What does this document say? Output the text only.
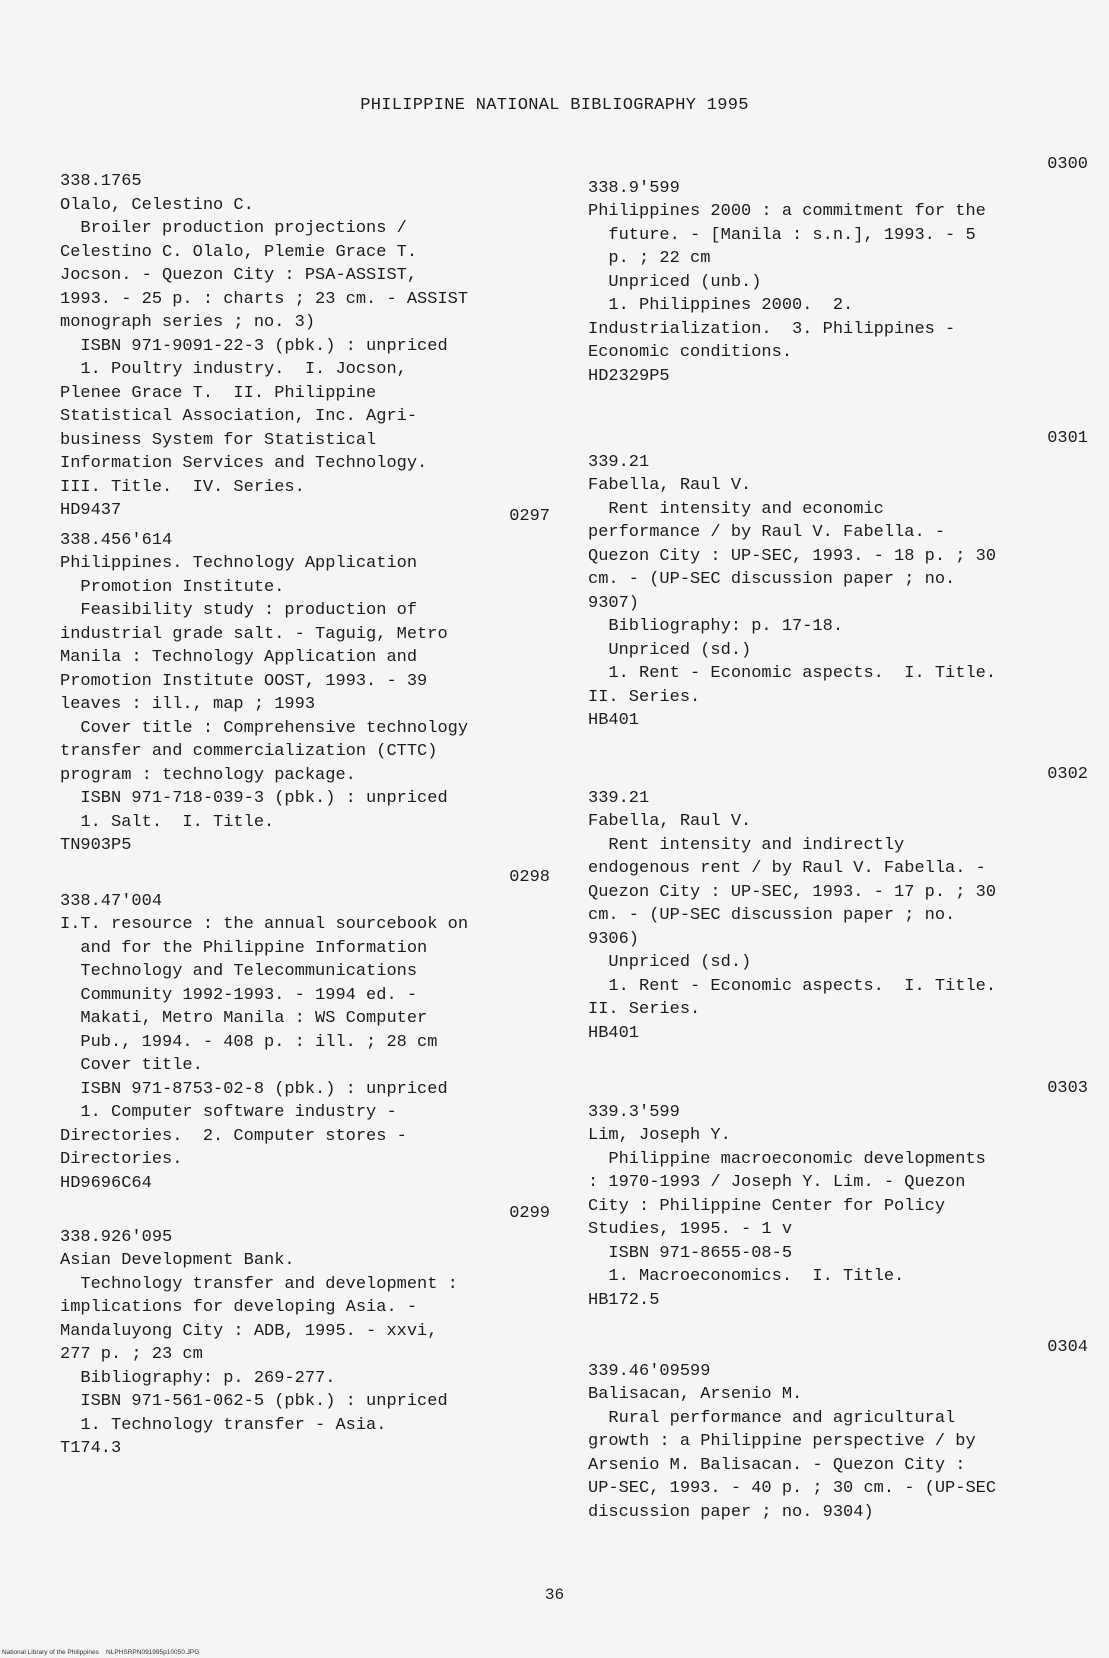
PHILIPPINE NATIONAL BIBLIOGRAPHY 1995
338.1765
Olalo, Celestino C.
Broiler production projections /
Celestino C. Olalo, Plemie Grace T.
Jocson. - Quezon City : PSA-ASSIST,
1993. - 25 p. : charts ; 23 cm. - ASSIST
monograph series ; no. 3)
ISBN 971-9091-22-3 (pbk.) : unpriced
1. Poultry industry.  I. Jocson,
Plenee Grace T.  II. Philippine
Statistical Association, Inc. Agri-
business System for Statistical
Information Services and Technology.
III. Title.  IV. Series.
HD9437	0297
338.456'614
Philippines. Technology Application
Promotion Institute.
Feasibility study : production of
industrial grade salt. - Taguig, Metro
Manila : Technology Application and
Promotion Institute OOST, 1993. - 39
leaves : ill., map ; 1993
Cover title : Comprehensive technology
transfer and commercialization (CTTC)
program : technology package.
ISBN 971-718-039-3 (pbk.) : unpriced
1. Salt.  I. Title.
TN903P5
0298
338.47'004
I.T. resource : the annual sourcebook on
and for the Philippine Information
Technology and Telecommunications
Community 1992-1993. - 1994 ed. -
Makati, Metro Manila : WS Computer
Pub., 1994. - 408 p. : ill. ; 28 cm
Cover title.
ISBN 971-8753-02-8 (pbk.) : unpriced
1. Computer software industry -
Directories.  2. Computer stores -
Directories.
HD9696C64
0299
338.926'095
Asian Development Bank.
Technology transfer and development :
implications for developing Asia. -
Mandaluyong City : ADB, 1995. - xxvi,
277 p. ; 23 cm
Bibliography: p. 269-277.
ISBN 971-561-062-5 (pbk.) : unpriced
1. Technology transfer - Asia.
T174.3
0300
338.9'599
Philippines 2000 : a commitment for the
future. - [Manila : s.n.], 1993. - 5
p. ; 22 cm
Unpriced (unb.)
1. Philippines 2000.  2.
Industrialization.  3. Philippines -
Economic conditions.
HD2329P5
0301
339.21
Fabella, Raul V.
Rent intensity and economic
performance / by Raul V. Fabella. -
Quezon City : UP-SEC, 1993. - 18 p. ; 30
cm. - (UP-SEC discussion paper ; no.
9307)
Bibliography: p. 17-18.
Unpriced (sd.)
1. Rent - Economic aspects.  I. Title.
II. Series.
HB401
0302
339.21
Fabella, Raul V.
Rent intensity and indirectly
endogenous rent / by Raul V. Fabella. -
Quezon City : UP-SEC, 1993. - 17 p. ; 30
cm. - (UP-SEC discussion paper ; no.
9306)
Unpriced (sd.)
1. Rent - Economic aspects.  I. Title.
II. Series.
HB401
0303
339.3'599
Lim, Joseph Y.
Philippine macroeconomic developments
: 1970-1993 / Joseph Y. Lim. - Quezon
City : Philippine Center for Policy
Studies, 1995. - 1 v
ISBN 971-8655-08-5
1. Macroeconomics.  I. Title.
HB172.5
0304
339.46'09599
Balisacan, Arsenio M.
Rural performance and agricultural
growth : a Philippine perspective / by
Arsenio M. Balisacan. - Quezon City :
UP-SEC, 1993. - 40 p. ; 30 cm. - (UP-SEC
discussion paper ; no. 9304)
36
National Library of the Philippines    NLPHSRPN091995p10050.JPG
